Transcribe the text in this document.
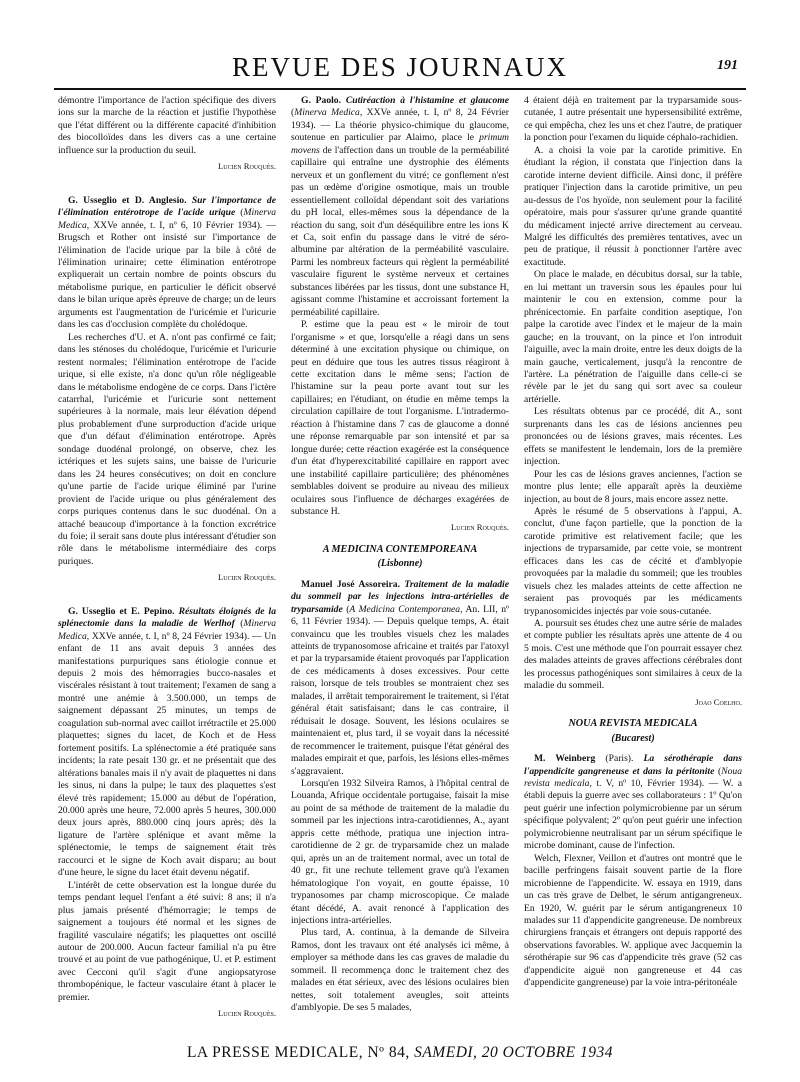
REVUE DES JOURNAUX	191

démontre l'importance de l'action spécifique des divers ions sur la marche de la réaction et justifie l'hypothèse que l'état différent ou la différente capacité d'inhibition des biocolloïdes dans les divers cas a une certaine influence sur la production du seuil.

Lucien Rouquès.

G. Usseglio et D. Anglesio. Sur l'importance de l'élimination entérotrope de l'acide urique (Minerva Medica, XXVe année, t. I, nº 6, 10 Février 1934). — Brugsch et Rother ont insisté sur l'importance de l'élimination de l'acide urique par la bile à côté de l'élimination urinaire; cette élimination entérotrope expliquerait un certain nombre de points obscurs du métabolisme purique, en particulier le déficit observé dans le bilan urique après épreuve de charge; un de leurs arguments est l'augmentation de l'uricémie et l'uricurie dans les cas d'occlusion complète du cholédoque.

Les recherches d'U. et A. n'ont pas confirmé ce fait; dans les sténoses du cholédoque, l'uricémie et l'uricurie restent normales; l'élimination entérotrope de l'acide urique, si elle existe, n'a donc qu'un rôle négligeable dans le métabolisme endogène de ce corps. Dans l'ictère catarrhal, l'uricémie et l'uricurie sont nettement supérieures à la normale, mais leur élévation dépend plus probablement d'une surproduction d'acide urique que d'un défaut d'élimination entérotrope. Après sondage duodénal prolongé, on observe, chez les ictériques et les sujets sains, une baisse de l'uricurie dans les 24 heures consécutives; on doit en conclure qu'une partie de l'acide urique éliminé par l'urine provient de l'acide urique ou plus généralement des corps puriques contenus dans le suc duodénal. On a attaché beaucoup d'importance à la fonction excrétrice du foie; il serait sans doute plus intéressant d'étudier son rôle dans le métabolisme intermédiaire des corps puriques.

Lucien Rouquès.

G. Usseglio et E. Pepino. Résultats éloignés de la splénectomie dans la maladie de Werlhof (Minerva Medica, XXVe année, t. I, nº 8, 24 Février 1934). — Un enfant de 11 ans avait depuis 3 années des manifestations purpuriques sans étiologie connue et depuis 2 mois des hémorragies bucco-nasales et viscérales résistant à tout traitement; l'examen de sang a montré une anémie à 3.500.000, un temps de saignement dépassant 25 minutes, un temps de coagulation sub-normal avec caillot irrétractile et 25.000 plaquettes; signes du lacet, de Koch et de Hess fortement positifs. La splénectomie a été pratiquée sans incidents; la rate pesait 130 gr. et ne présentait que des altérations banales mais il n'y avait de plaquettes ni dans les sinus, ni dans la pulpe; le taux des plaquettes s'est élevé très rapidement; 15.000 au début de l'opération, 20.000 après une heure, 72.000 après 5 heures, 300.000 deux jours après, 880.000 cinq jours après; dès la ligature de l'artère splénique et avant même la splénectomie, le temps de saignement était très raccourci et le signe de Koch avait disparu; au bout d'une heure, le signe du lacet était devenu négatif.

L'intérêt de cette observation est la longue durée du temps pendant lequel l'enfant a été suivi: 8 ans; il n'a plus jamais présenté d'hémorragie; le temps de saignement a toujours été normal et les signes de fragilité vasculaire négatifs; les plaquettes ont oscillé autour de 200.000. Aucun facteur familial n'a pu être trouvé et au point de vue pathogénique, U. et P. estiment avec Cecconi qu'il s'agit d'une angiopsatyrose thrombopénique, le facteur vasculaire étant à placer le premier.

Lucien Rouquès.

G. Paolo. Cutiréaction à l'histamine et glaucome (Minerva Medica, XXVe année, t. I, nº 8, 24 Février 1934). — La théorie physico-chimique du glaucome, soutenue en particulier par Alaimo, place le primum movens de l'affection dans un trouble de la perméabilité capillaire qui entraîne une dystrophie des éléments nerveux et un gonflement du vitré; ce gonflement n'est pas un œdème d'origine osmotique, mais un trouble essentiellement colloïdal dépendant soit des variations du pH local, elles-mêmes sous la dépendance de la réaction du sang, soit d'un déséquilibre entre les ions K et Ca, soit enfin du passage dans le vitré de séro-albumine par altération de la perméabilité vasculaire. Parmi les nombreux facteurs qui règlent la perméabilité vasculaire figurent le système nerveux et certaines substances libérées par les tissus, dont une substance H, agissant comme l'histamine et accroissant fortement la perméabilité capillaire.

P. estime que la peau est « le miroir de tout l'organisme » et que, lorsqu'elle a réagi dans un sens déterminé à une excitation physique ou chimique, on peut en déduire que tous les autres tissus réagiront à cette excitation dans le même sens; l'action de l'histamine sur la peau porte avant tout sur les capillaires; en l'étudiant, on étudie en même temps la circulation capillaire de tout l'organisme. L'intradermo-réaction à l'histamine dans 7 cas de glaucome a donné une réponse remarquable par son intensité et par sa longue durée; cette réaction exagérée est la conséquence d'un état d'hyperexcitabilité capillaire en rapport avec une instabilité capillaire particulière; des phénomènes semblables doivent se produire au niveau des milieux oculaires sous l'influence de décharges exagérées de substance H.

Lucien Rouquès.
A MEDICINA CONTEMPOREANA
(Lisbonne)

Manuel José Assoreira. Traitement de la maladie du sommeil par les injections intra-artérielles de tryparsamide (A Medicina Contemporanea, An. LII, nº 6, 11 Février 1934). — Depuis quelque temps, A. était convaincu que les troubles visuels chez les malades atteints de trypanosomose africaine et traités par l'atoxyl et par la tryparsamide étaient provoqués par l'application de ces médicaments à doses excessives. Pour cette raison, lorsque de tels troubles se montraient chez ses malades, il arrêtait temporairement le traitement, si l'état général était satisfaisant; dans le cas contraire, il réduisait le dosage. Souvent, les lésions oculaires se maintenaient et, plus tard, il se voyait dans la nécessité de recommencer le traitement, puisque l'état général des malades empirait et que, parfois, les lésions elles-mêmes s'aggravaient.

Lorsqu'en 1932 Silveira Ramos, à l'hôpital central de Louanda, Afrique occidentale portugaise, faisait la mise au point de sa méthode de traitement de la maladie du sommeil par les injections intra-carotidiennes, A., ayant appris cette méthode, pratiqua une injection intra-carotidienne de 2 gr. de tryparsamide chez un malade qui, après un an de traitement normal, avec un total de 40 gr., fit une rechute tellement grave qu'à l'examen hématologique l'on voyait, en goutte épaisse, 10 trypanosomes par champ microscopique. Ce malade étant décédé, A. avait renoncé à l'application des injections intra-artérielles.

Plus tard, A. continua, à la demande de Silveira Ramos, dont les travaux ont été analysés ici même, à employer sa méthode dans les cas graves de maladie du sommeil. Il recommença donc le traitement chez des malades en état sérieux, avec des lésions oculaires bien nettes, soit totalement aveugles, soit atteints d'amblyopie. De ses 5 malades,

4 étaient déjà en traitement par la tryparsamide sous-cutanée, 1 autre présentait une hypersensibilité extrême, ce qui empêcha, chez les uns et chez l'autre, de pratiquer la ponction pour l'examen du liquide céphalo-rachidien.

A. a choisi la voie par la carotide primitive. En étudiant la région, il constata que l'injection dans la carotide interne devient difficile. Ainsi donc, il préfère pratiquer l'injection dans la carotide primitive, un peu au-dessus de l'os hyoïde, non seulement pour la facilité opératoire, mais pour s'assurer qu'une grande quantité du médicament injecté arrive directement au cerveau. Malgré les difficultés des premières tentatives, avec un peu de pratique, il réussit à ponctionner l'artère avec exactitude.

On place le malade, en décubitus dorsal, sur la table, en lui mettant un traversin sous les épaules pour lui maintenir le cou en extension, comme pour la phrénicectomie. En parfaite condition aseptique, l'on palpe la carotide avec l'index et le majeur de la main gauche; en la trouvant, on la pince et l'on introduit l'aiguille, avec la main droite, entre les deux doigts de la main gauche, verticalement, jusqu'à la rencontre de l'artère. La pénétration de l'aiguille dans celle-ci se révèle par le jet du sang qui sort avec sa couleur artérielle.

Les résultats obtenus par ce procédé, dit A., sont surprenants dans les cas de lésions anciennes peu prononcées ou de lésions graves, mais récentes. Les effets se manifestent le lendemain, lors de la première injection.

Pour les cas de lésions graves anciennes, l'action se montre plus lente; elle apparaît après la deuxième injection, au bout de 8 jours, mais encore assez nette.

Après le résumé de 5 observations à l'appui, A. conclut, d'une façon partielle, que la ponction de la carotide primitive est relativement facile; que les injections de tryparsamide, par cette voie, se montrent efficaces dans les cas de cécité et d'amblyopie provoquées par la maladie du sommeil; que les troubles visuels chez les malades atteints de cette affection ne seraient pas provoqués par les médicaments trypanosomicides injectés par voie sous-cutanée.

A. poursuit ses études chez une autre série de malades et compte publier les résultats après une attente de 4 ou 5 mois. C'est une méthode que l'on pourrait essayer chez des malades atteints de graves affections cérébrales dont les processus pathogéniques sont similaires à ceux de la maladie du sommeil.

Joao Coelho.
NOUA REVISTA MEDICALA
(Bucarest)

M. Weinberg (Paris). La sérothérapie dans l'appendicite gangreneuse et dans la péritonite (Noua revista medicala, t. V, nº 10, Février 1934). — W. a établi depuis la guerre avec ses collaborateurs : 1º Qu'on peut guérir une infection polymicrobienne par un sérum spécifique polyvalent; 2º qu'on peut guérir une infection polymicrobienne neutralisant par un sérum spécifique le microbe dominant, cause de l'infection.

Welch, Flexner, Veillon et d'autres ont montré que le bacille perfringens faisait souvent partie de la flore microbienne de l'appendicite. W. essaya en 1919, dans un cas très grave de Delbet, le sérum antigangreneux. En 1920, W. guérit par le sérum antigangreneux 10 malades sur 11 d'appendicite gangreneuse. De nombreux chirurgiens français et étrangers ont depuis rapporté des observations favorables. W. applique avec Jacquemin la sérothérapie sur 96 cas d'appendicite très grave (52 cas d'appendicite aiguë non gangreneuse et 44 cas d'appendicite gangreneuse) par la voie intra-péritonéale

LA PRESSE MEDICALE, Nº 84, SAMEDI, 20 OCTOBRE 1934
